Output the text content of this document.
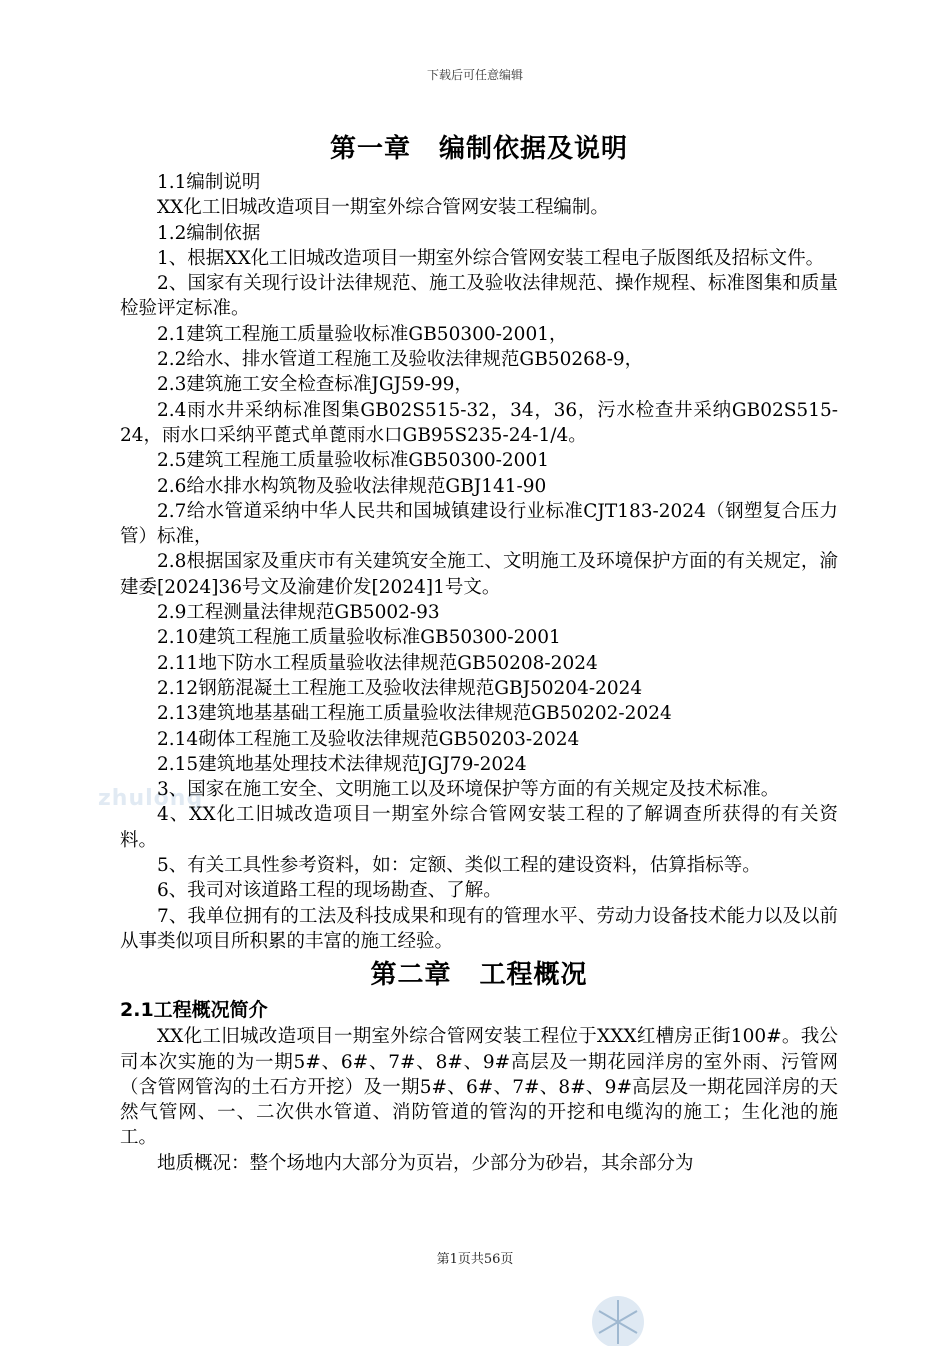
下载后可任意编辑
zhulong
第一章 编制依据及说明

1.1编制说明

XX化工旧城改造项目一期室外综合管网安装工程编制。

1.2编制依据

1、根据XX化工旧城改造项目一期室外综合管网安装工程电子版图纸及招标文件。

2、国家有关现行设计法律规范、施工及验收法律规范、操作规程、标准图集和质量检验评定标准。

2.1建筑工程施工质量验收标准GB50300-2001，

2.2给水、排水管道工程施工及验收法律规范GB50268-9，

2.3建筑施工安全检查标准JGJ59-99，

2.4雨水井采纳标准图集GB02S515-32，34，36，污水检查井采纳GB02S515-24，雨水口采纳平蓖式单蓖雨水口GB95S235-24-1/4。

2.5建筑工程施工质量验收标准GB50300-2001

2.6给水排水构筑物及验收法律规范GBJ141-90

2.7给水管道采纳中华人民共和国城镇建设行业标准CJT183-2024（钢塑复合压力管）标准，

2.8根据国家及重庆市有关建筑安全施工、文明施工及环境保护方面的有关规定，渝建委[2024]36号文及渝建价发[2024]1号文。

2.9工程测量法律规范GB5002-93

2.10建筑工程施工质量验收标准GB50300-2001

2.11地下防水工程质量验收法律规范GB50208-2024

2.12钢筋混凝土工程施工及验收法律规范GBJ50204-2024

2.13建筑地基基础工程施工质量验收法律规范GB50202-2024

2.14砌体工程施工及验收法律规范GB50203-2024

2.15建筑地基处理技术法律规范JGJ79-2024

3、国家在施工安全、文明施工以及环境保护等方面的有关规定及技术标准。

4、XX化工旧城改造项目一期室外综合管网安装工程的了解调查所获得的有关资料。

5、有关工具性参考资料，如：定额、类似工程的建设资料，估算指标等。

6、我司对该道路工程的现场勘查、了解。

7、我单位拥有的工法及科技成果和现有的管理水平、劳动力设备技术能力以及以前从事类似项目所积累的丰富的施工经验。

第二章 工程概况

2.1工程概况简介

XX化工旧城改造项目一期室外综合管网安装工程位于XXX红槽房正街100#。我公司本次实施的为一期5#、6#、7#、8#、9#高层及一期花园洋房的室外雨、污管网（含管网管沟的土石方开挖）及一期5#、6#、7#、8#、9#高层及一期花园洋房的天然气管网、一、二次供水管道、消防管道的管沟的开挖和电缆沟的施工；生化池的施工。

地质概况：整个场地内大部分为页岩，少部分为砂岩，其余部分为

第1页共56页
